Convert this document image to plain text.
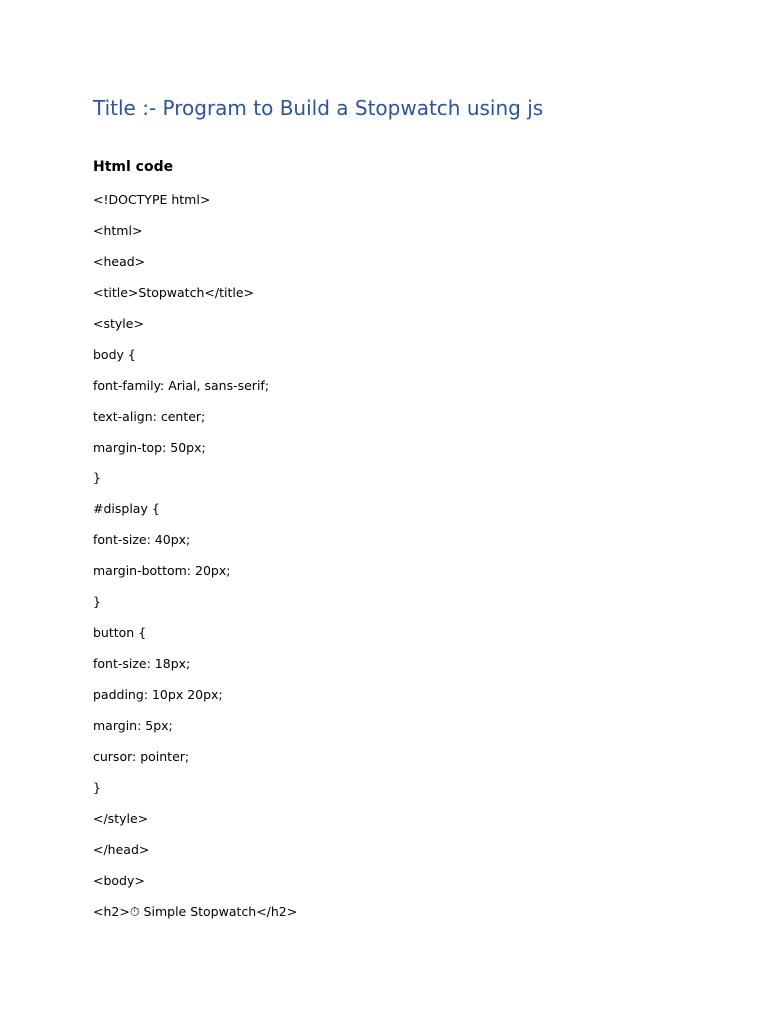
Title :- Program to Build a Stopwatch using js
Html code
<!DOCTYPE html>
<html>
<head>
<title>Stopwatch</title>
<style>
body {
font-family: Arial, sans-serif;
text-align: center;
margin-top: 50px;
}
#display {
font-size: 40px;
margin-bottom: 20px;
}
button {
font-size: 18px;
padding: 10px 20px;
margin: 5px;
cursor: pointer;
}
</style>
</head>
<body>
<h2>⏱ Simple Stopwatch</h2>
